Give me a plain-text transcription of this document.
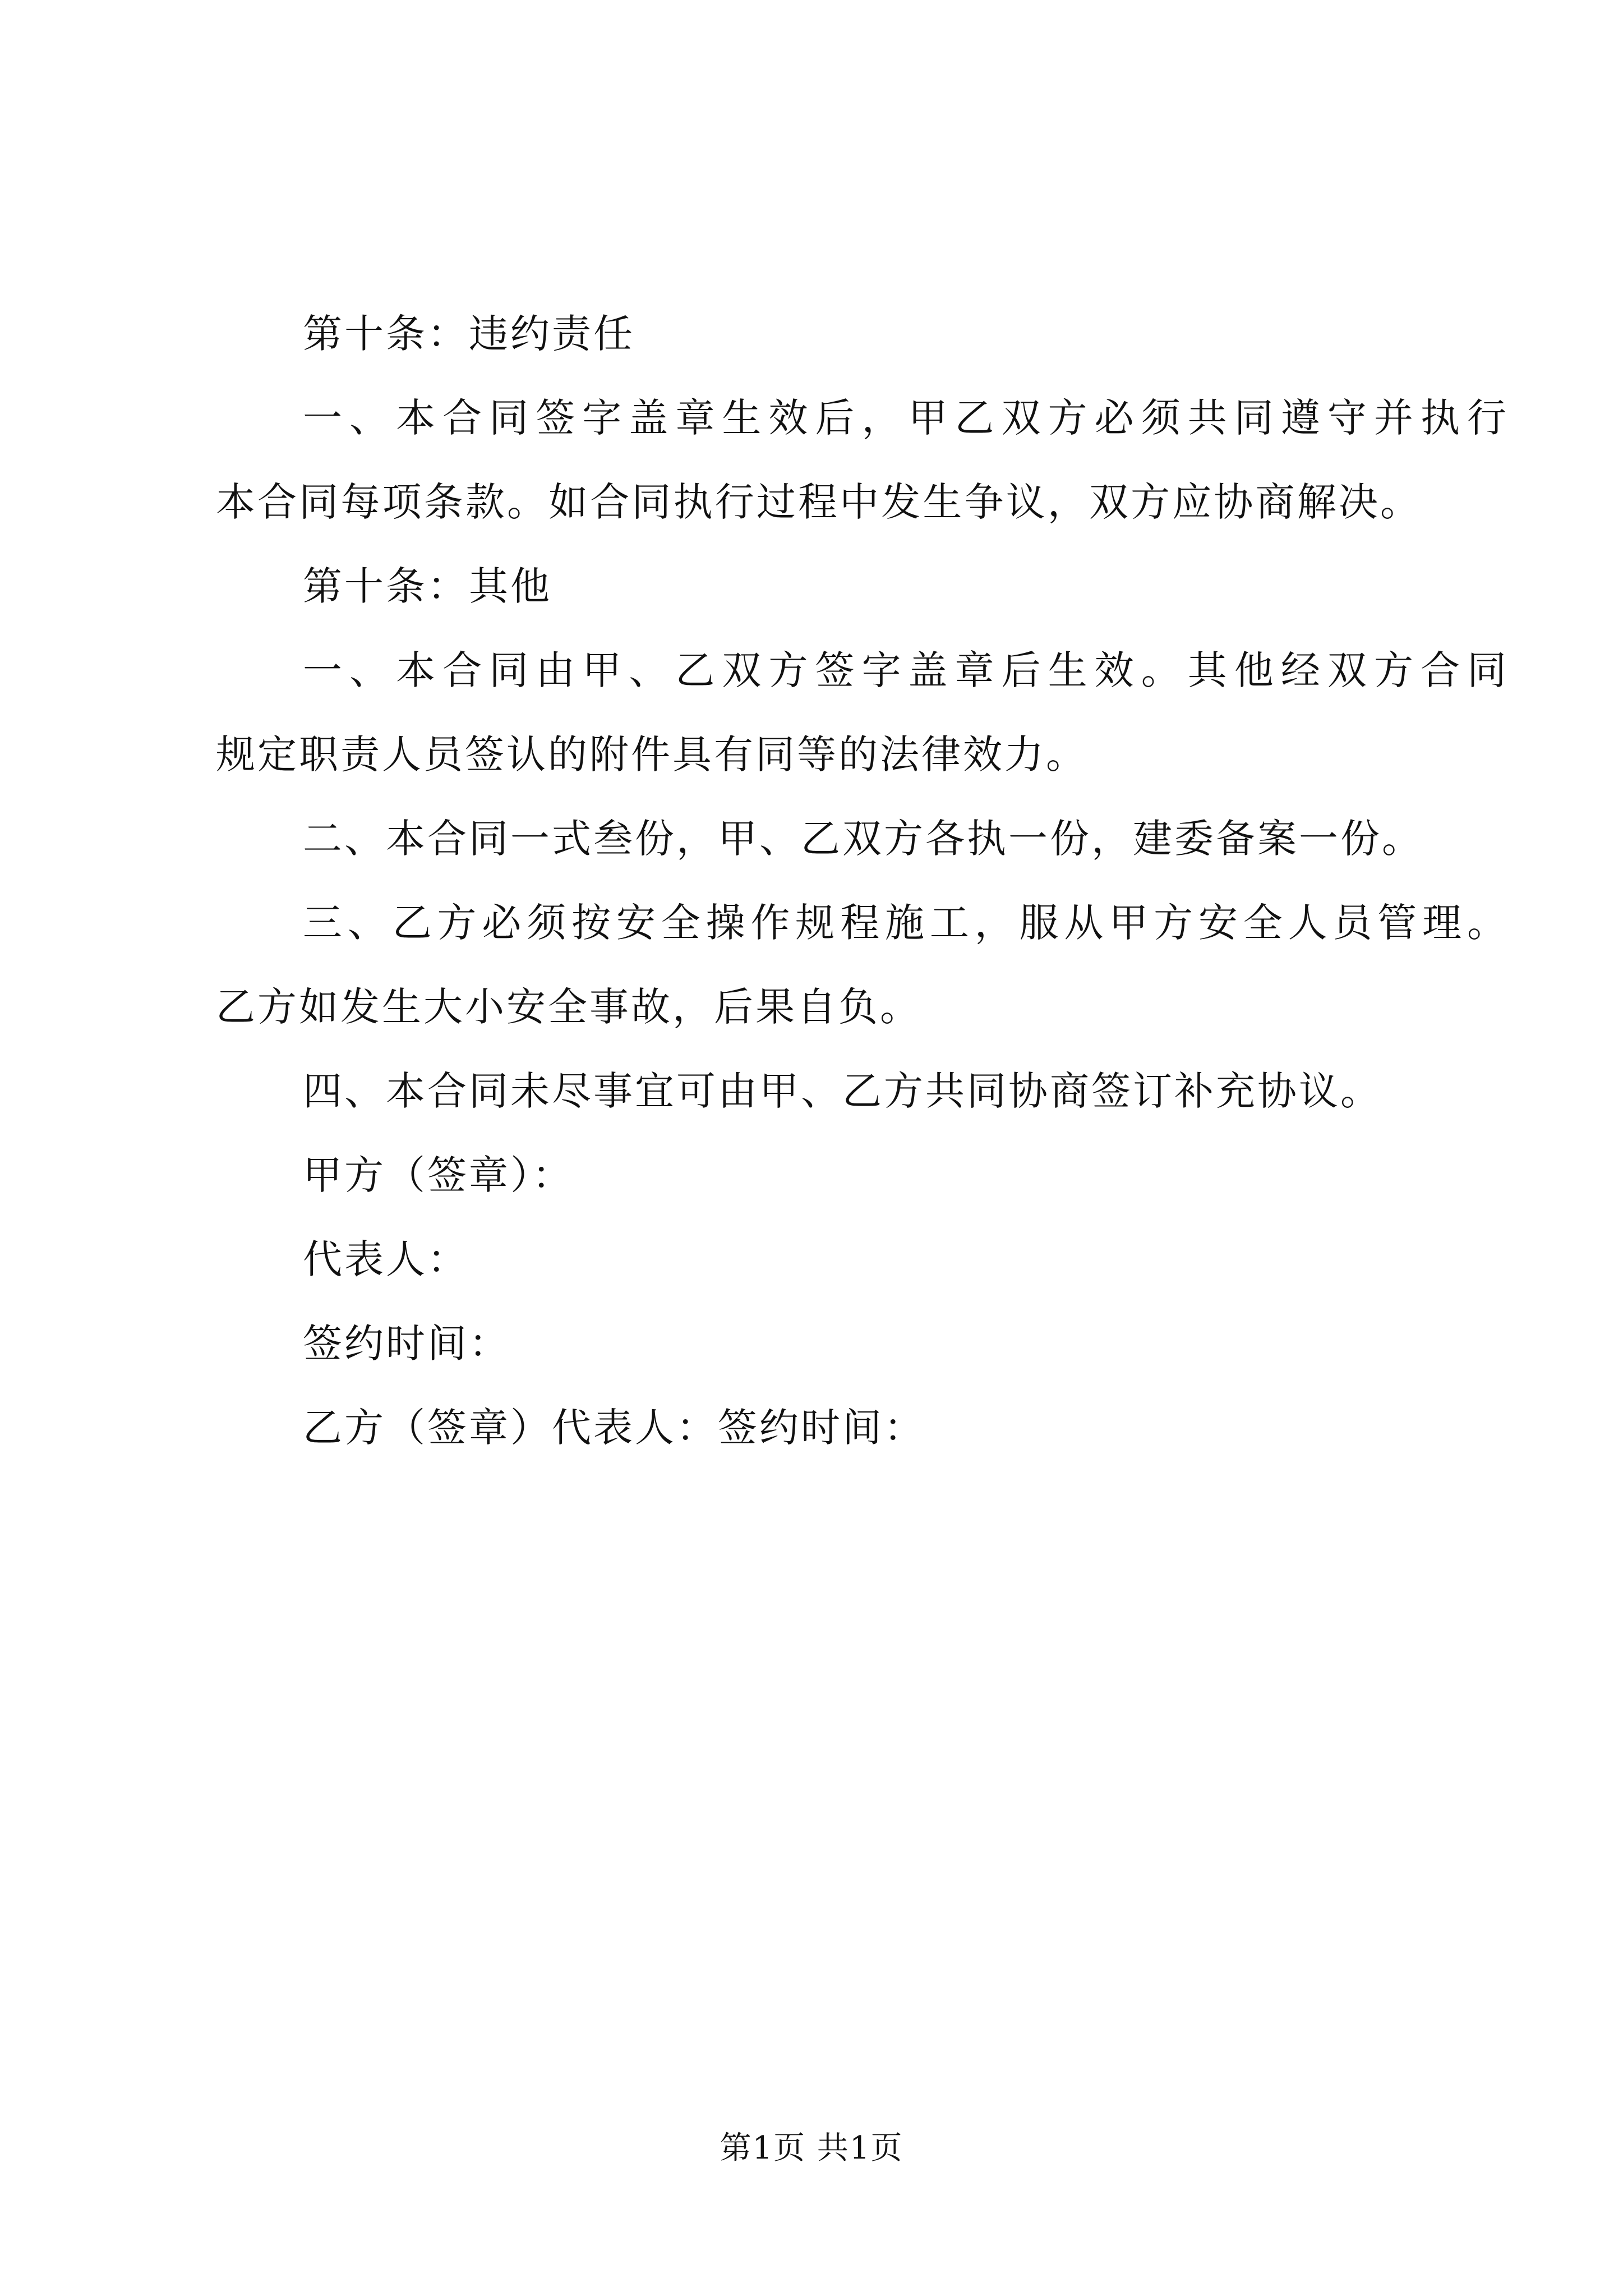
第十条：违约责任
一、本合同签字盖章生效后，甲乙双方必须共同遵守并执行
本合同每项条款。如合同执行过程中发生争议，双方应协商解决。
第十条：其他
一、本合同由甲、乙双方签字盖章后生效。其他经双方合同
规定职责人员签认的附件具有同等的法律效力。
二、本合同一式叁份，甲、乙双方各执一份，建委备案一份。
三、乙方必须按安全操作规程施工，服从甲方安全人员管理。
乙方如发生大小安全事故，后果自负。
四、本合同未尽事宜可由甲、乙方共同协商签订补充协议。
甲方（签章）：
代表人：
签约时间：
乙方（签章）代表人：签约时间：
第1页 共1页
